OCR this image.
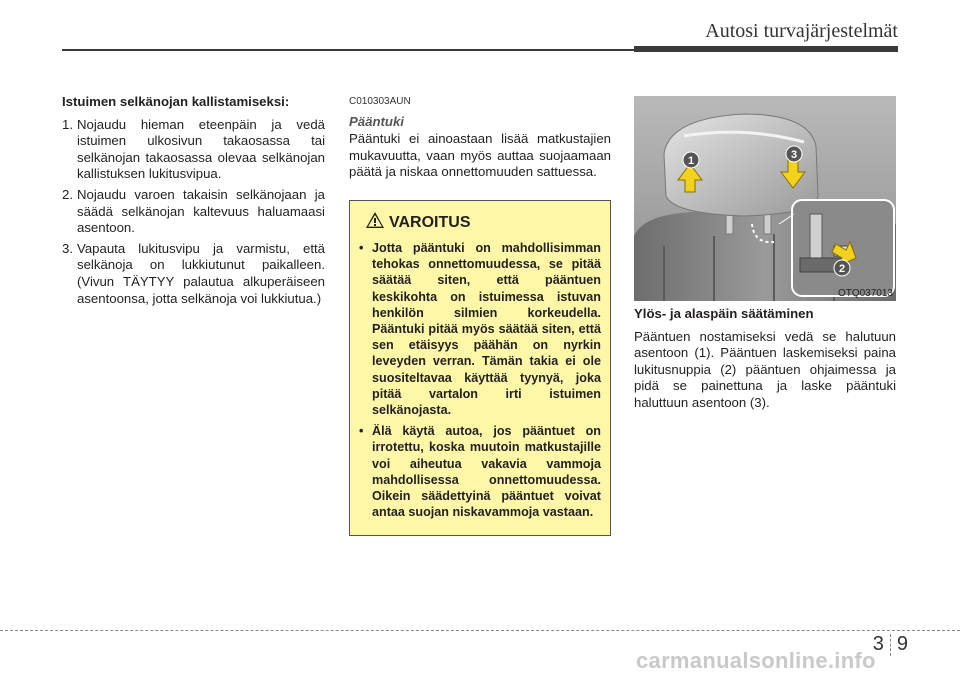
Autosi turvajärjestelmät

Istuimen selkänojan kallistamiseksi:

1. Nojaudu hieman eteenpäin ja vedä istuimen ulkosivun takaosassa tai selkänojan takaosassa olevaa selkänojan kallistuksen lukitusvipua.
2. Nojaudu varoen takaisin selkänojaan ja säädä selkänojan kaltevuus haluamaasi asentoon.
3. Vapauta lukitusvipu ja varmistu, että selkänoja on lukkiutunut paikalleen. (Vivun TÄYTYY palautua alkuperäiseen asentoonsa, jotta selkänoja voi lukkiutua.)

C010303AUN

Pääntuki

Pääntuki ei ainoastaan lisää matkustajien mukavuutta, vaan myös auttaa suojaamaan päätä ja niskaa onnettomuuden sattuessa.

VAROITUS
• Jotta pääntuki on mahdollisimman tehokas onnettomuudessa, se pitää säätää siten, että pääntuen keskikohta on istuimessa istuvan henkilön silmien korkeudella. Pääntuki pitää myös säätää siten, että sen etäisyys päähän on nyrkin leveyden verran. Tämän takia ei ole suositeltavaa käyttää tyynyä, joka pitää vartalon irti istuimen selkänojasta.
• Älä käytä autoa, jos pääntuet on irrotettu, koska muutoin matkustajille voi aiheutua vakavia vammoja mahdollisessa onnettomuudessa. Oikein säädettyinä pääntuet voivat antaa suojan niskavammoja vastaan.
1	3
2
OTQ037013

Ylös- ja alaspäin säätäminen

Pääntuen nostamiseksi vedä se halutuun asentoon (1). Pääntuen laskemiseksi paina lukitusnuppia (2) pääntuen ohjaimessa ja pidä se painettuna ja laske pääntuki haluttuun asentoon (3).

3 9
carmanualsonline.info
